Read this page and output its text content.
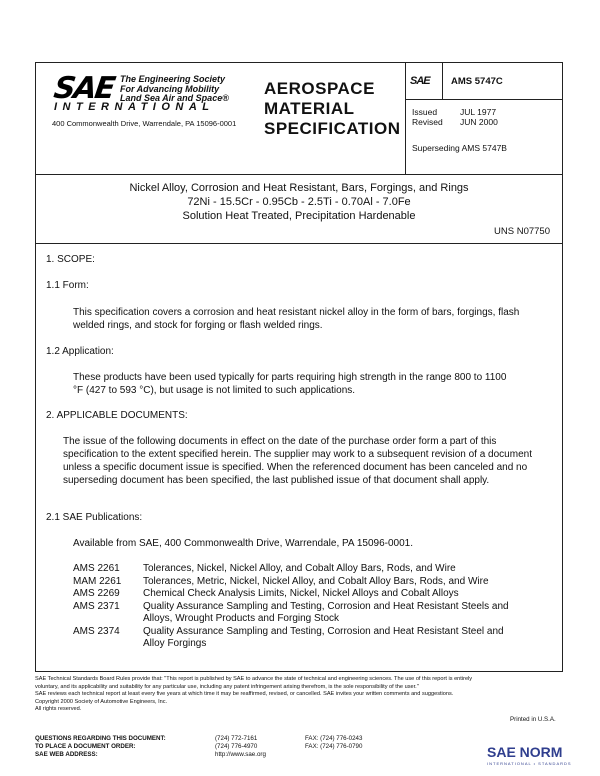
SAE The Engineering Society
For Advancing Mobility
Land Sea Air and Space®
INTERNATIONAL
400 Commonwealth Drive, Warrendale, PA 15096-0001
AEROSPACE
MATERIAL
SPECIFICATION
SAE AMS 5747C
Issued	JUL 1977
Revised	JUN 2000
Superseding AMS 5747B
Nickel Alloy, Corrosion and Heat Resistant, Bars, Forgings, and Rings
72Ni - 15.5Cr - 0.95Cb - 2.5Ti - 0.70Al - 7.0Fe
Solution Heat Treated, Precipitation Hardenable
UNS N07750
1. SCOPE:
1.1 Form:
This specification covers a corrosion and heat resistant nickel alloy in the form of bars, forgings, flash welded rings, and stock for forging or flash welded rings.
1.2 Application:
These products have been used typically for parts requiring high strength in the range 800 to 1100 °F (427 to 593 °C), but usage is not limited to such applications.
2. APPLICABLE DOCUMENTS:
The issue of the following documents in effect on the date of the purchase order form a part of this specification to the extent specified herein. The supplier may work to a subsequent revision of a document unless a specific document issue is specified. When the referenced document has been canceled and no superseding document has been specified, the last published issue of that document shall apply.
2.1 SAE Publications:
Available from SAE, 400 Commonwealth Drive, Warrendale, PA 15096-0001.
AMS 2261	Tolerances, Nickel, Nickel Alloy, and Cobalt Alloy Bars, Rods, and Wire
MAM 2261	Tolerances, Metric, Nickel, Nickel Alloy, and Cobalt Alloy Bars, Rods, and Wire
AMS 2269	Chemical Check Analysis Limits, Nickel, Nickel Alloys and Cobalt Alloys
AMS 2371	Quality Assurance Sampling and Testing, Corrosion and Heat Resistant Steels and Alloys, Wrought Products and Forging Stock
AMS 2374	Quality Assurance Sampling and Testing, Corrosion and Heat Resistant Steel and Alloy Forgings
SAE Technical Standards Board Rules provide that: "This report is published by SAE to advance the state of technical and engineering sciences. The use of this report is entirely
voluntary, and its applicability and suitability for any particular use, including any patent infringement arising therefrom, is the sole responsibility of the user."
SAE reviews each technical report at least every five years at which time it may be reaffirmed, revised, or cancelled. SAE invites your written comments and suggestions.
Copyright 2000 Society of Automotive Engineers, Inc.
All rights reserved.
Printed in U.S.A.
QUESTIONS REGARDING THIS DOCUMENT:	(724) 772-7161	FAX: (724) 776-0243
TO PLACE A DOCUMENT ORDER:	(724) 776-4970	FAX: (724) 776-0790
SAE WEB ADDRESS:	http://www.sae.org	SAE NORM
INTERNATIONAL • STANDARDS
